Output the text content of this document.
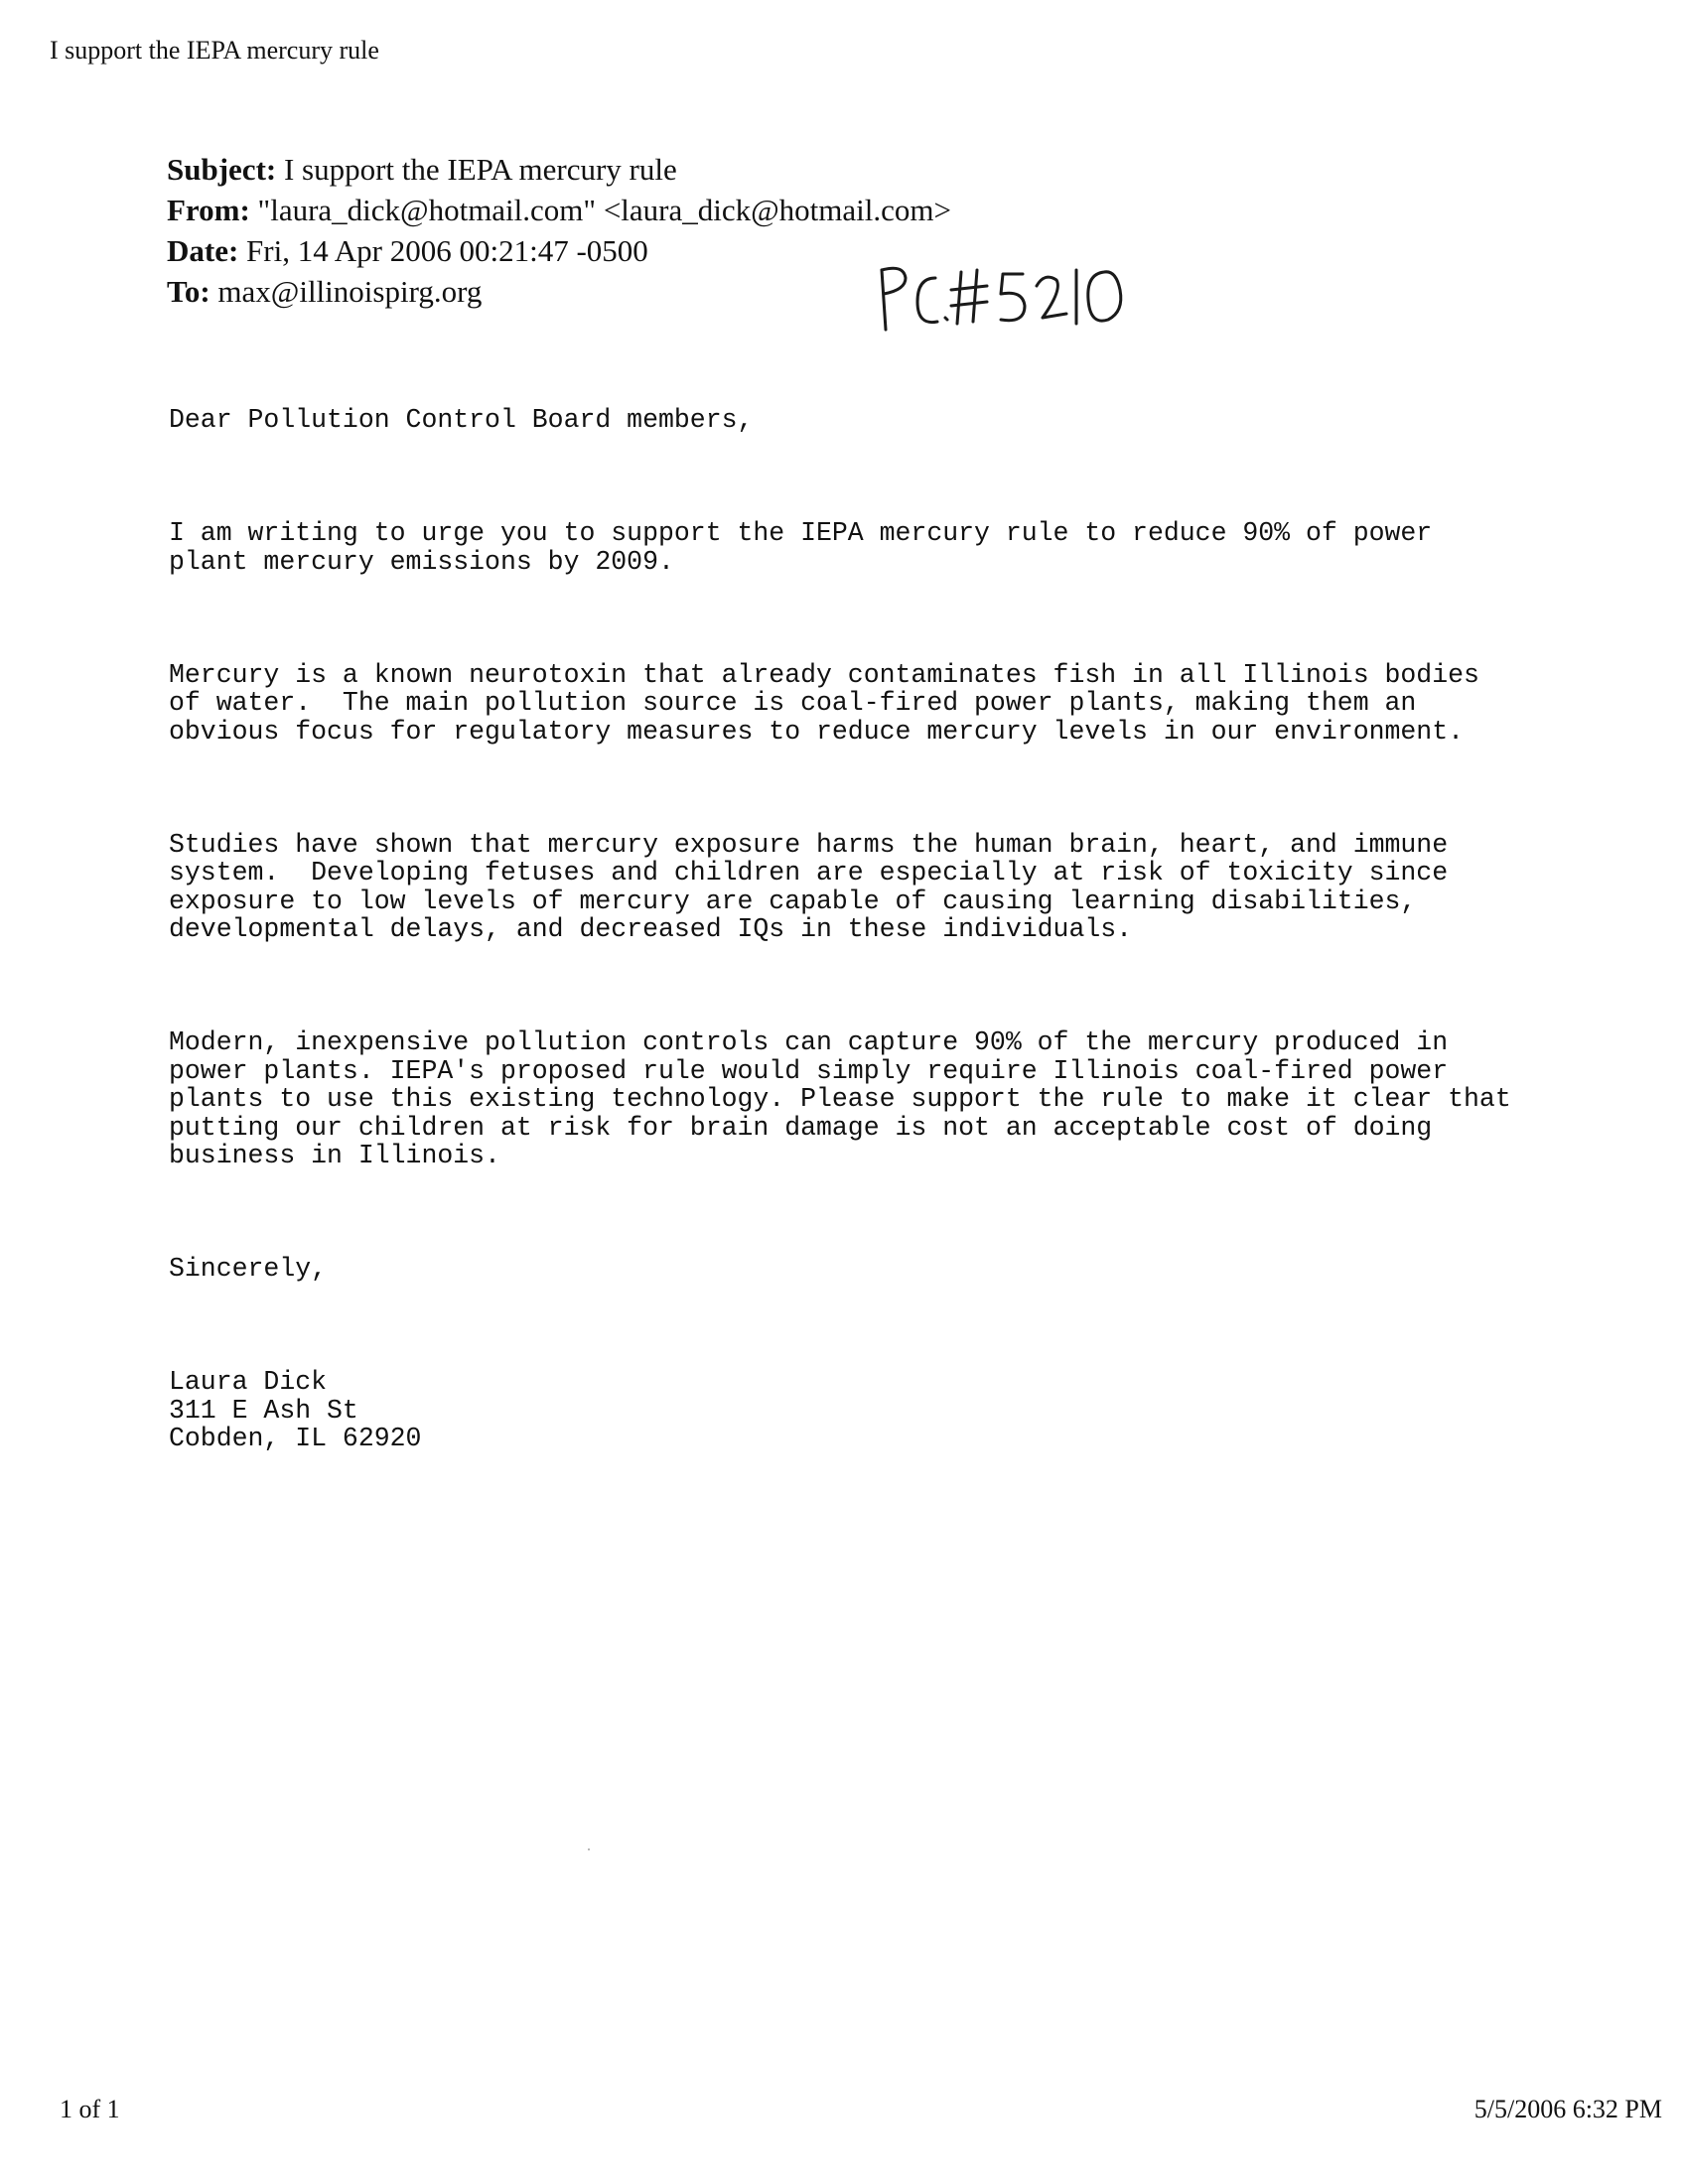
I support the IEPA mercury rule
Subject: I support the IEPA mercury rule
From: "laura_dick@hotmail.com" <laura_dick@hotmail.com>
Date: Fri, 14 Apr 2006 00:21:47 -0500
To: max@illinoispirg.org

Dear Pollution Control Board members,

I am writing to urge you to support the IEPA mercury rule to reduce 90% of power
plant mercury emissions by 2009.

Mercury is a known neurotoxin that already contaminates fish in all Illinois bodies
of water.  The main pollution source is coal-fired power plants, making them an
obvious focus for regulatory measures to reduce mercury levels in our environment.

Studies have shown that mercury exposure harms the human brain, heart, and immune
system.  Developing fetuses and children are especially at risk of toxicity since
exposure to low levels of mercury are capable of causing learning disabilities,
developmental delays, and decreased IQs in these individuals.

Modern, inexpensive pollution controls can capture 90% of the mercury produced in
power plants. IEPA's proposed rule would simply require Illinois coal-fired power
plants to use this existing technology. Please support the rule to make it clear that
putting our children at risk for brain damage is not an acceptable cost of doing
business in Illinois.

Sincerely,

Laura Dick
311 E Ash St
Cobden, IL 62920

1 of 1	5/5/2006 6:32 PM
